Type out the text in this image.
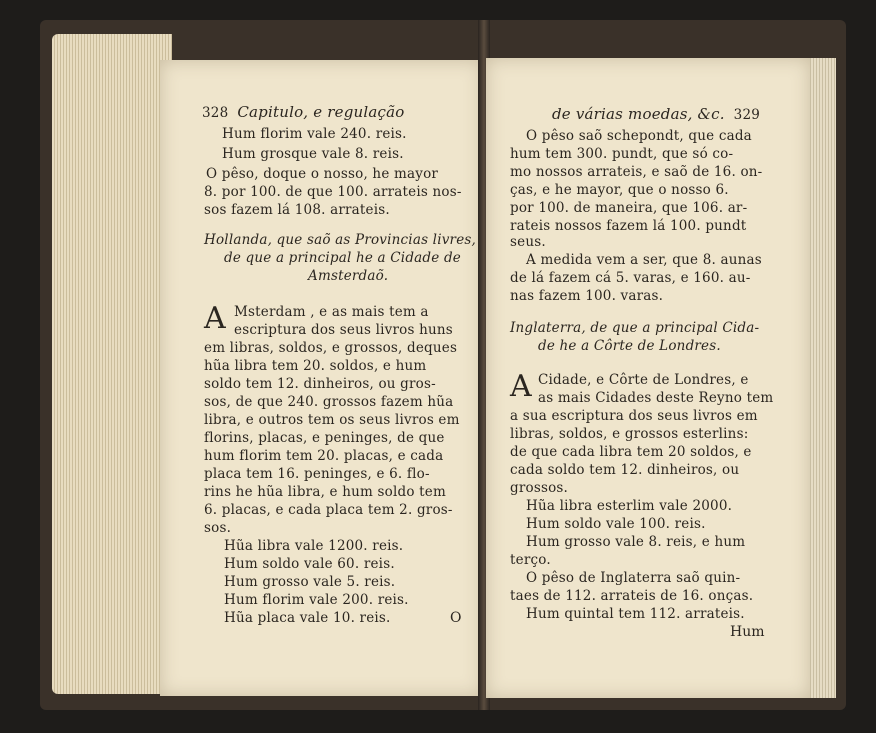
328 Capitulo, e regulação
Hum florim vale 240. reis.
Hum grosque vale 8. reis.
O pêso, doque o nosso, he mayor
8. por 100. de que 100. arrateis nos-
sos fazem lá 108. arrateis.
Hollanda, que saõ as Provincias livres,
de que a principal he a Cidade de
Amsterdaõ.
A Msterdam , e as mais tem a
escriptura dos seus livros huns
em libras, soldos, e grossos, deques
hũa libra tem 20. soldos, e hum
soldo tem 12. dinheiros, ou gros-
sos, de que 240. grossos fazem hũa
libra, e outros tem os seus livros em
florins, placas, e peninges, de que
hum florim tem 20. placas, e cada
placa tem 16. peninges, e 6. flo-
rins he hũa libra, e hum soldo tem
6. placas, e cada placa tem 2. gros-
sos.
Hũa libra vale 1200. reis.
Hum soldo vale 60. reis.
Hum grosso vale 5. reis.
Hum florim vale 200. reis.
Hũa placa vale 10. reis.	O
de várias moedas, &c. 329
O pêso saõ schepondt, que cada
hum tem 300. pundt, que só co-
mo nossos arrateis, e saõ de 16. on-
ças, e he mayor, que o nosso 6.
por 100. de maneira, que 106. ar-
rateis nossos fazem lá 100. pundt
seus.
A medida vem a ser, que 8. aunas
de lá fazem cá 5. varas, e 160. au-
nas fazem 100. varas.
Inglaterra, de que a principal Cida-
de he a Côrte de Londres.
A Cidade, e Côrte de Londres, e
as mais Cidades deste Reyno tem
a sua escriptura dos seus livros em
libras, soldos, e grossos esterlins:
de que cada libra tem 20 soldos, e
cada soldo tem 12. dinheiros, ou
grossos.
Hũa libra esterlim vale 2000.
Hum soldo vale 100. reis.
Hum grosso vale 8. reis, e hum
terço.
O pêso de Inglaterra saõ quin-
taes de 112. arrateis de 16. onças.
Hum quintal tem 112. arrateis.
Hum
